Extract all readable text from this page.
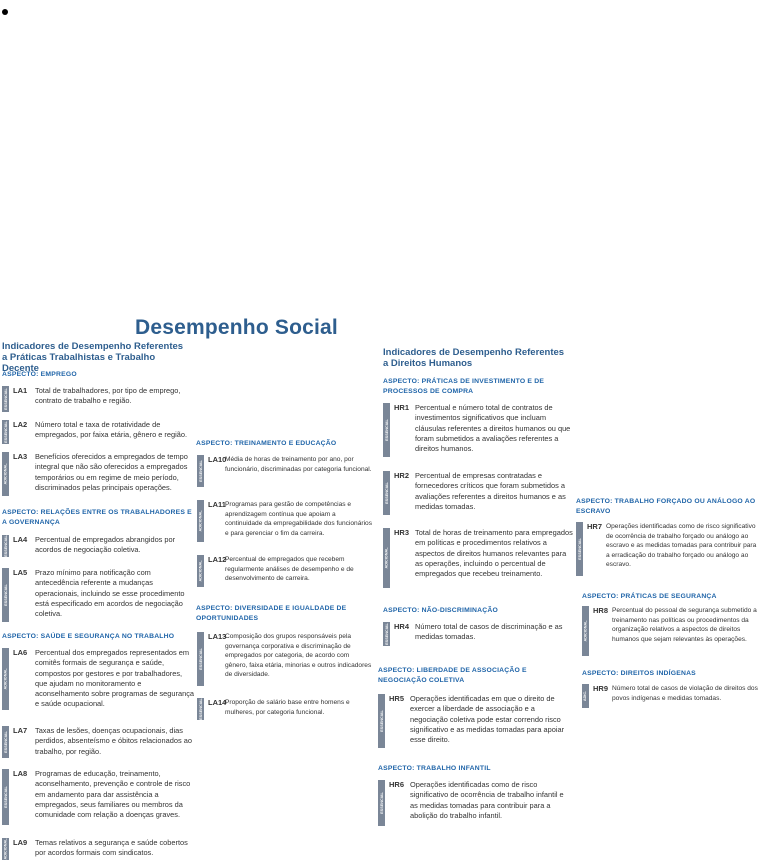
Desempenho Social
Indicadores de Desempenho Referentes a Práticas Trabalhistas e Trabalho Decente
Indicadores de Desempenho Referentes a Direitos Humanos
ASPECTO: EMPREGO
ASPECTO: RELAÇÕES ENTRE OS TRABALHADORES E A GOVERNANÇA
ASPECTO: SAÚDE E SEGURANÇA NO TRABALHO
ASPECTO: TREINAMENTO E EDUCAÇÃO
ASPECTO: DIVERSIDADE E IGUALDADE DE OPORTUNIDADES
ASPECTO: PRÁTICAS DE INVESTIMENTO E DE PROCESSOS DE COMPRA
ASPECTO: NÃO-DISCRIMINAÇÃO
ASPECTO: LIBERDADE DE ASSOCIAÇÃO E NEGOCIAÇÃO COLETIVA
ASPECTO: TRABALHO INFANTIL
ASPECTO: TRABALHO FORÇADO OU ANÁLOGO AO ESCRAVO
ASPECTO: PRÁTICAS DE SEGURANÇA
ASPECTO: DIREITOS INDÍGENAS
ESSENCIAL LA1 Total de trabalhadores, por tipo de emprego, contrato de trabalho e região.
ESSENCIAL LA2 Número total e taxa de rotatividade de empregados, por faixa etária, gênero e região.
ADICIONAL
LA3 Benefícios oferecidos a empregados de tempo integral que não são oferecidos a empregados temporários ou em regime de meio período, discriminados pelas principais operações.
ESSENCIAL LA4 Percentual de empregados abrangidos por acordos de negociação coletiva.
ESSENCIAL
LA5 Prazo mínimo para notificação com antecedência referente a mudanças operacionais, incluindo se esse procedimento está especificado em acordos de negociação coletiva.
ADICIONAL
LA6 Percentual dos empregados representados em comitês formais de segurança e saúde, compostos por gestores e por trabalhadores, que ajudam no monitoramento e aconselhamento sobre programas de segurança e saúde ocupacional.
ESSENCIAL
LA7 Taxas de lesões, doenças ocupacionais, dias perdidos, absenteísmo e óbitos relacionados ao trabalho, por região.
ESSENCIAL
LA8 Programas de educação, treinamento, aconselhamento, prevenção e controle de risco em andamento para dar assistência a empregados, seus familiares ou membros da comunidade com relação a doenças graves.
ADICIONAL LA9 Temas relativos a segurança e saúde cobertos por acordos formais com sindicatos.
ESSENCIAL
LA10
Média de horas de treinamento por ano, por funcionário, discriminadas por categoria funcional.
ADICIONAL
LA11 Programas para gestão de competências e aprendizagem contínua que apoiam a continuidade da empregabilidade dos funcionários e para gerenciar o fim da carreira.
ADICIONAL
LA12
Percentual de empregados que recebem regularmente análises de desempenho e de desenvolvimento de carreira.
ESSENCIAL
LA13
Composição dos grupos responsáveis pela governança corporativa e discriminação de empregados por categoria, de acordo com gênero, faixa etária, minorias e outros indicadores de diversidade.
ESSENCIAL LA14
Proporção de salário base entre homens e mulheres, por categoria funcional.
ESSENCIAL
HR1 Percentual e número total de contratos de investimentos significativos que incluam cláusulas referentes a direitos humanos ou que foram submetidos a avaliações referentes a direitos humanos.
ESSENCIAL
HR2 Percentual de empresas contratadas e fornecedores críticos que foram submetidos a avaliações referentes a direitos humanos e as medidas tomadas.
ADICIONAL
HR3 Total de horas de treinamento para empregados em políticas e procedimentos relativos a aspectos de direitos humanos relevantes para as operações, incluindo o percentual de empregados que recebeu treinamento.
ESSENCIAL HR4 Número total de casos de discriminação e as medidas tomadas.
ESSENCIAL
HR5 Operações identificadas em que o direito de exercer a liberdade de associação e a negociação coletiva pode estar correndo risco significativo e as medidas tomadas para apoiar esse direito.
ESSENCIAL
HR6 Operações identificadas como de risco significativo de ocorrência de trabalho infantil e as medidas tomadas para contribuir para a abolição do trabalho infantil.
ESSENCIAL
HR7 Operações identificadas como de risco significativo de ocorrência de trabalho forçado ou análogo ao escravo e as medidas tomadas para contribuir para a erradicação do trabalho forçado ou análogo ao escravo.
ADICIONAL
HR8 Percentual do pessoal de segurança submetido a treinamento nas políticas ou procedimentos da organização relativos a aspectos de direitos humanos que sejam relevantes às operações.
ADIC.
HR9 Número total de casos de violação de direitos dos povos indígenas e medidas tomadas.
